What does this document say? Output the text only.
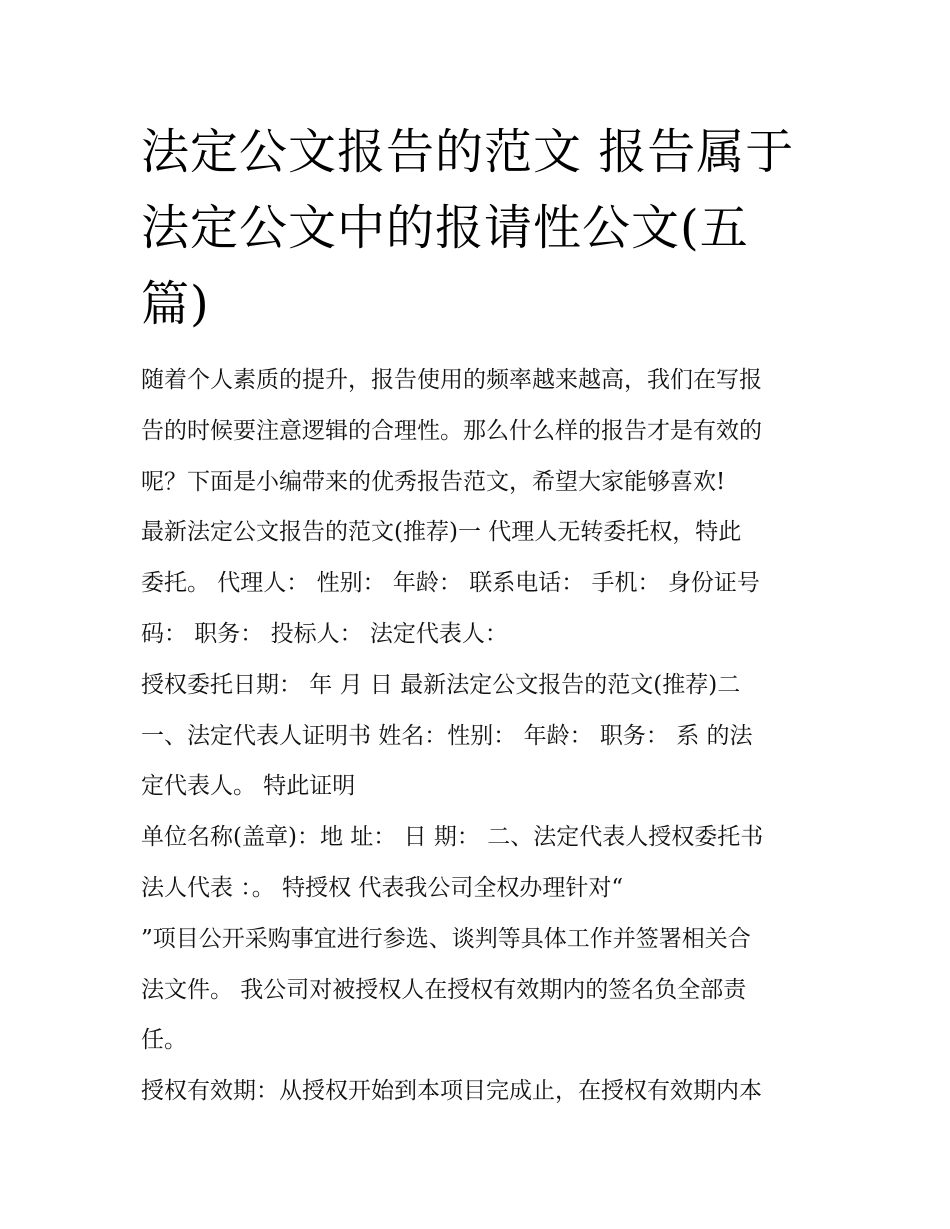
法定公文报告的范文 报告属于
法定公文中的报请性公文(五
篇)
随着个人素质的提升，报告使用的频率越来越高，我们在写报
告的时候要注意逻辑的合理性。那么什么样的报告才是有效的
呢？下面是小编带来的优秀报告范文，希望大家能够喜欢!
最新法定公文报告的范文(推荐)一 代理人无转委托权，特此
委托。 代理人： 性别： 年龄： 联系电话： 手机： 身份证号
码： 职务： 投标人： 法定代表人：
授权委托日期： 年 月 日 最新法定公文报告的范文(推荐)二
一、法定代表人证明书 姓名：性别： 年龄： 职务： 系 的法
定代表人。 特此证明
单位名称(盖章)：地 址： 日 期： 二、法定代表人授权委托书
法人代表 ：。 特授权 代表我公司全权办理针对“
”项目公开采购事宜进行参选、谈判等具体工作并签署相关合
法文件。 我公司对被授权人在授权有效期内的签名负全部责
任。
授权有效期：从授权开始到本项目完成止，在授权有效期内本
